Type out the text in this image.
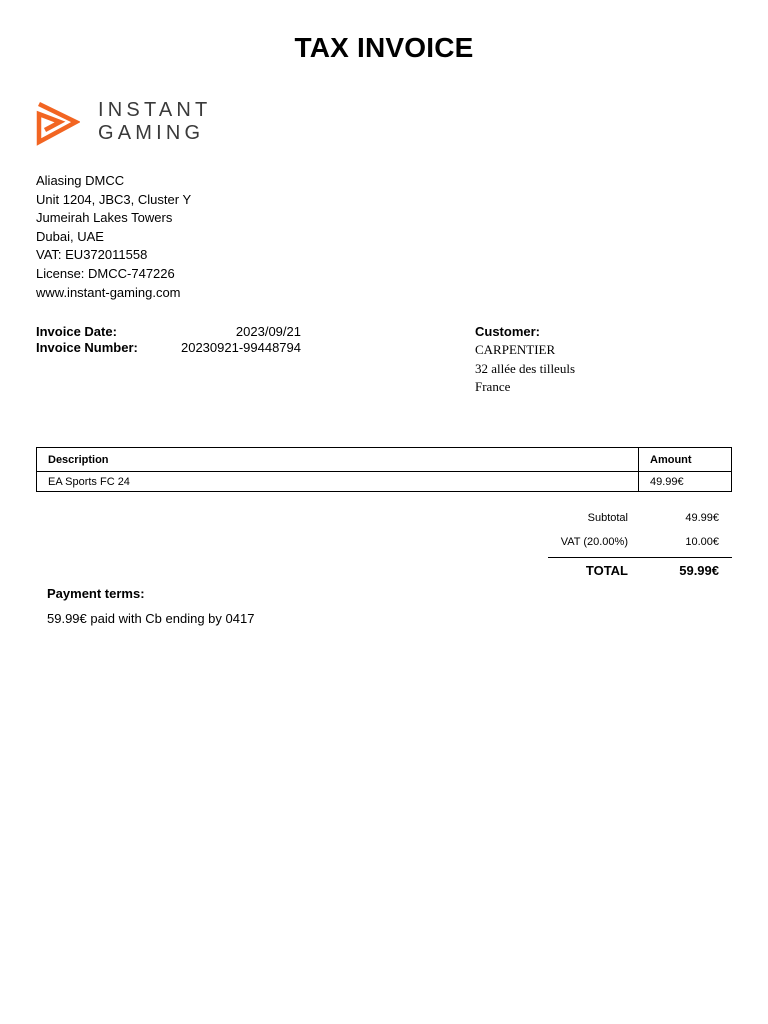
TAX INVOICE
INSTANT
GAMING
Aliasing DMCC
Unit 1204, JBC3, Cluster Y
Jumeirah Lakes Towers
Dubai, UAE
VAT: EU372011558
License: DMCC-747226
www.instant-gaming.com
Invoice Date:	2023/09/21
Invoice Number:	20230921-99448794
Customer:
CARPENTIER
32 allée des tilleuls
France
Description	Amount
EA Sports FC 24	49.99€
Subtotal	49.99€
VAT (20.00%)	10.00€
TOTAL	59.99€
Payment terms:
59.99€ paid with Cb ending by 0417
